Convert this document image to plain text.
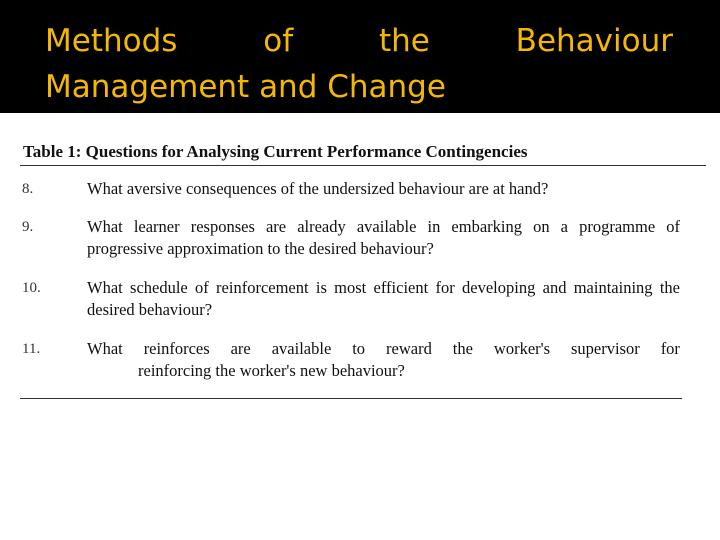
Methods	of	the	Behaviour
Management and Change

Table 1: Questions for Analysing Current Performance Contingencies

8.	What aversive consequences of the undersized behaviour are at hand?
9.	What learner responses are already available in embarking on a programme of progressive approximation to the desired behaviour?
10.	What schedule of reinforcement is most efficient for developing and maintaining the desired behaviour?
11.	What reinforces are available to reward the worker's supervisor for
reinforcing the worker's new behaviour?
